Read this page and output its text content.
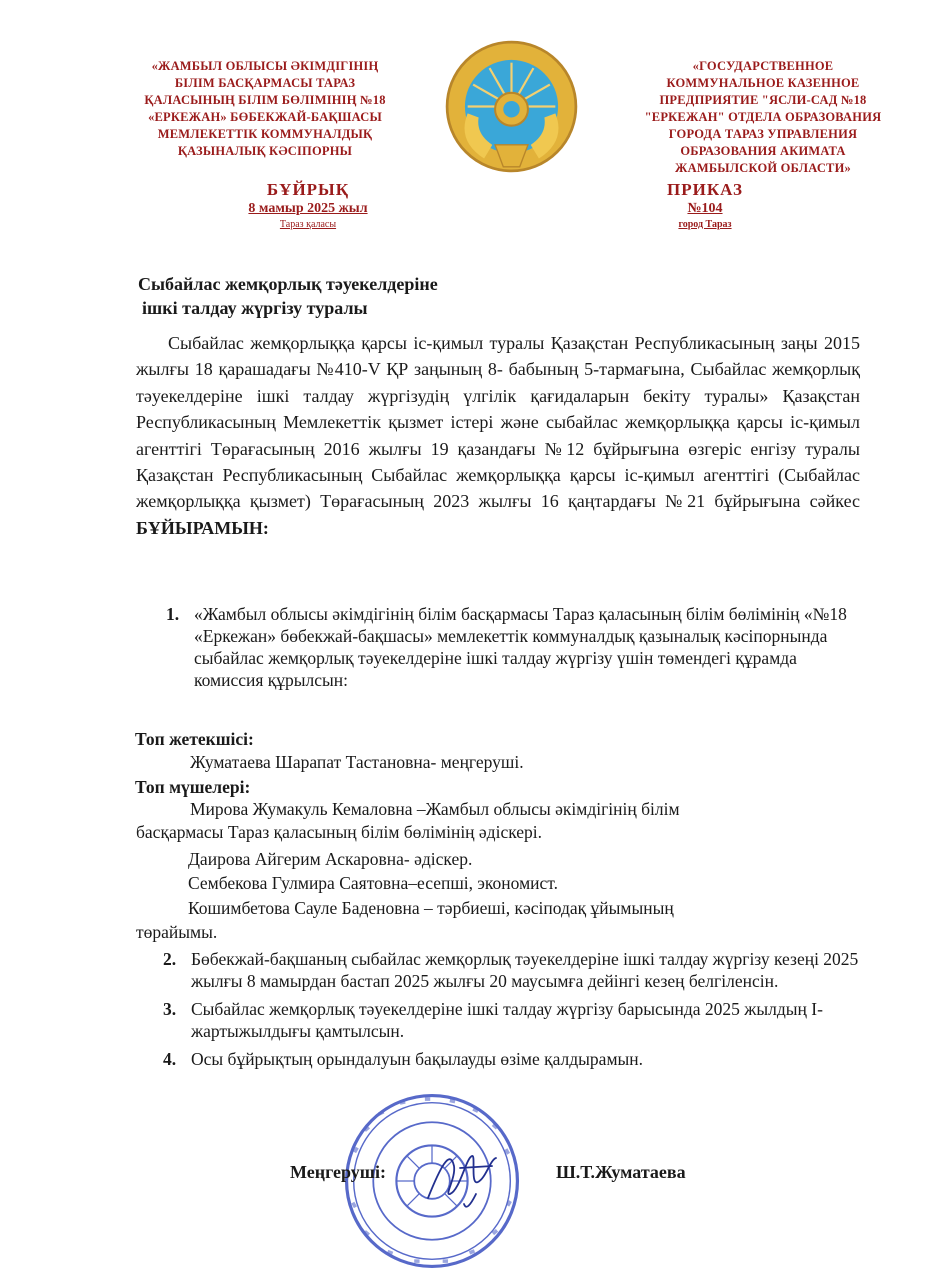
«ЖАМБЫЛ ОБЛЫСЫ ӘКІМДІГІНІҢ
БІЛІМ БАСҚАРМАСЫ ТАРАЗ
ҚАЛАСЫНЫҢ БІЛІМ БӨЛІМІНІҢ №18
«ЕРКЕЖАН» БӨБЕКЖАЙ-БАҚШАСЫ
МЕМЛЕКЕТТІК КОММУНАЛДЫҚ
ҚАЗЫНАЛЫҚ КӘСІПОРНЫ
«ГОСУДАРСТВЕННОЕ
КОММУНАЛЬНОЕ КАЗЕННОЕ
ПРЕДПРИЯТИЕ "ЯСЛИ-САД №18
"ЕРКЕЖАН" ОТДЕЛА ОБРАЗОВАНИЯ
ГОРОДА ТАРАЗ УПРАВЛЕНИЯ
ОБРАЗОВАНИЯ АКИМАТА
ЖАМБЫЛСКОЙ ОБЛАСТИ»
БҰЙРЫҚ
8 мамыр 2025 жыл
Тараз қаласы
ПРИКАЗ
№104
город Тараз
Сыбайлас жемқорлық тәуекелдеріне
ішкі талдау жүргізу туралы
Сыбайлас жемқорлыққа қарсы іс-қимыл туралы Қазақстан Республикасының заңы 2015 жылғы 18 қарашадағы №410-V ҚР заңының 8- бабының 5-тармағына, Сыбайлас жемқорлық тәуекелдеріне ішкі талдау жүргізудің үлгілік қағидаларын бекіту туралы» Қазақстан Республикасының Мемлекеттік қызмет істері және сыбайлас жемқорлыққа қарсы іс-қимыл агенттігі Төрағасының 2016 жылғы 19 қазандағы №12 бұйрығына өзгеріс енгізу туралы Қазақстан Республикасының Сыбайлас жемқорлыққа қарсы іс-қимыл агенттігі (Сыбайлас жемқорлыққа қызмет) Төрағасының 2023 жылғы 16 қаңтардағы №21 бұйрығына сәйкес БҰЙЫРАМЫН:
1. «Жамбыл облысы әкімдігінің білім басқармасы Тараз қаласының білім бөлімінің «№18 «Еркежан» бөбекжай-бақшасы» мемлекеттік коммуналдық қазыналық кәсіпорнында сыбайлас жемқорлық тәуекелдеріне ішкі талдау жүргізу үшін төмендегі құрамда комиссия құрылсын:
Топ жетекшісі:
Жуматаева Шарапат Тастановна- меңгеруші.
Топ мүшелері:
Мирова Жумакуль Кемаловна –Жамбыл облысы әкімдігінің білім
басқармасы Тараз қаласының білім бөлімінің әдіскері.
Даирова Айгерим Аскаровна- әдіскер.
Сембекова Гулмира Саятовна–есепші, экономист.
Кошимбетова Сауле Баденовна – тәрбиеші, кәсіподақ ұйымының
төрайымы.
2. Бөбекжай-бақшаның сыбайлас жемқорлық тәуекелдеріне ішкі талдау жүргізу кезеңі 2025 жылғы 8 мамырдан бастап 2025 жылғы 20 маусымға дейінгі кезең белгіленсін.
3. Сыбайлас жемқорлық тәуекелдеріне ішкі талдау жүргізу барысында 2025 жылдың І-жартыжылдығы қамтылсын.
4. Осы бұйрықтың орындалуын бақылауды өзіме қалдырамын.
Меңгеруші:	Ш.Т.Жуматаева
